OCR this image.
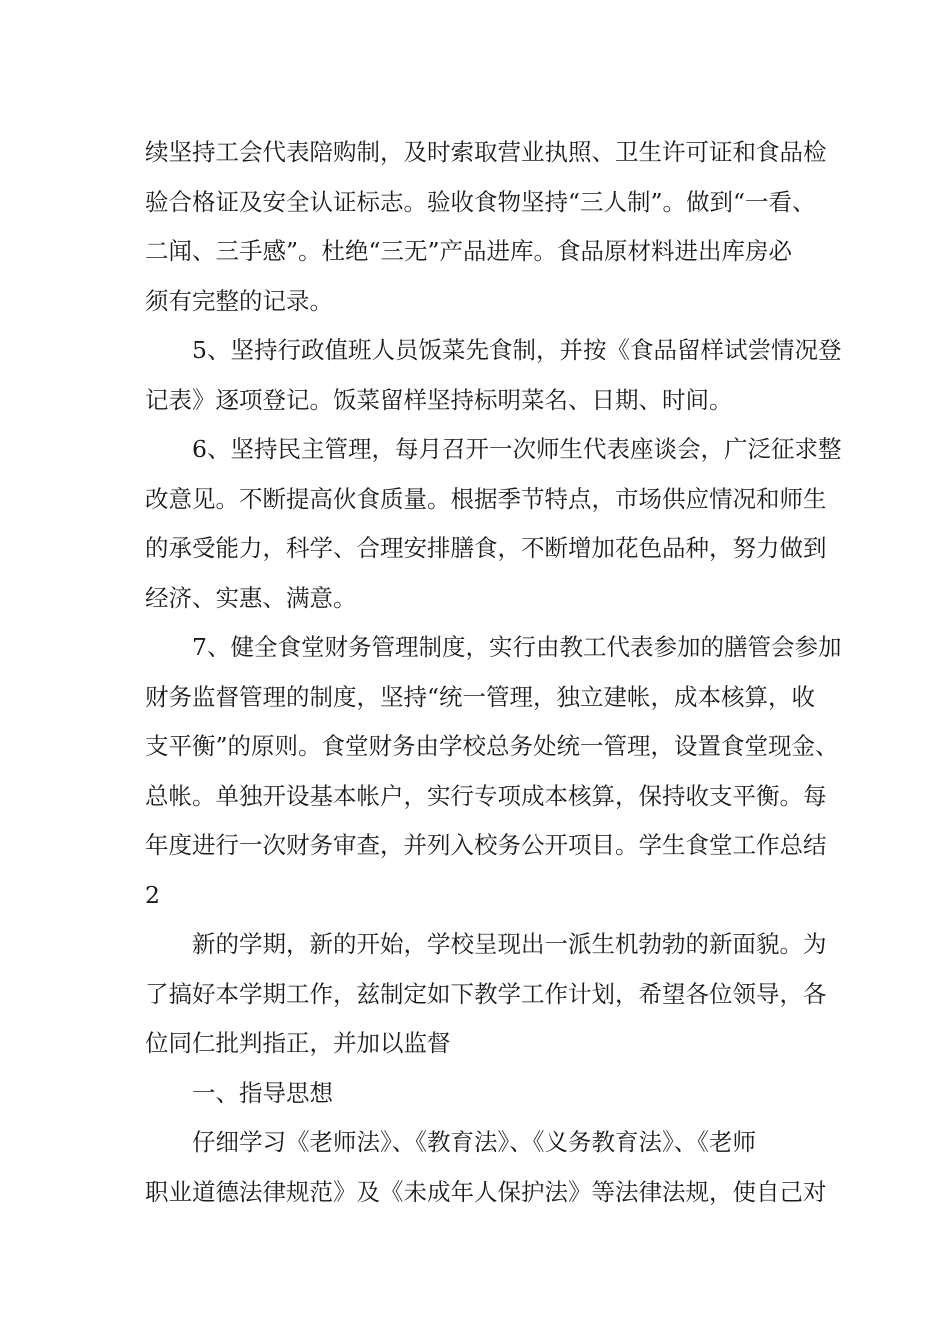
续坚持工会代表陪购制，及时索取营业执照、卫生许可证和食品检
验合格证及安全认证标志。验收食物坚持“三人制”。做到“一看、
二闻、三手感”。杜绝“三无”产品进库。食品原材料进出库房必
须有完整的记录。
5、坚持行政值班人员饭菜先食制，并按《食品留样试尝情况登
记表》逐项登记。饭菜留样坚持标明菜名、日期、时间。
6、坚持民主管理，每月召开一次师生代表座谈会，广泛征求整
改意见。不断提高伙食质量。根据季节特点，市场供应情况和师生
的承受能力，科学、合理安排膳食，不断增加花色品种，努力做到
经济、实惠、满意。
7、健全食堂财务管理制度，实行由教工代表参加的膳管会参加
财务监督管理的制度，坚持“统一管理，独立建帐，成本核算，收
支平衡”的原则。食堂财务由学校总务处统一管理，设置食堂现金、
总帐。单独开设基本帐户，实行专项成本核算，保持收支平衡。每
年度进行一次财务审查，并列入校务公开项目。学生食堂工作总结
2
新的学期，新的开始，学校呈现出一派生机勃勃的新面貌。为
了搞好本学期工作，兹制定如下教学工作计划，希望各位领导，各
位同仁批判指正，并加以监督
一、指导思想
仔细学习《老师法》、《教育法》、《义务教育法》、《老师
职业道德法律规范》及《未成年人保护法》等法律法规，使自己对
